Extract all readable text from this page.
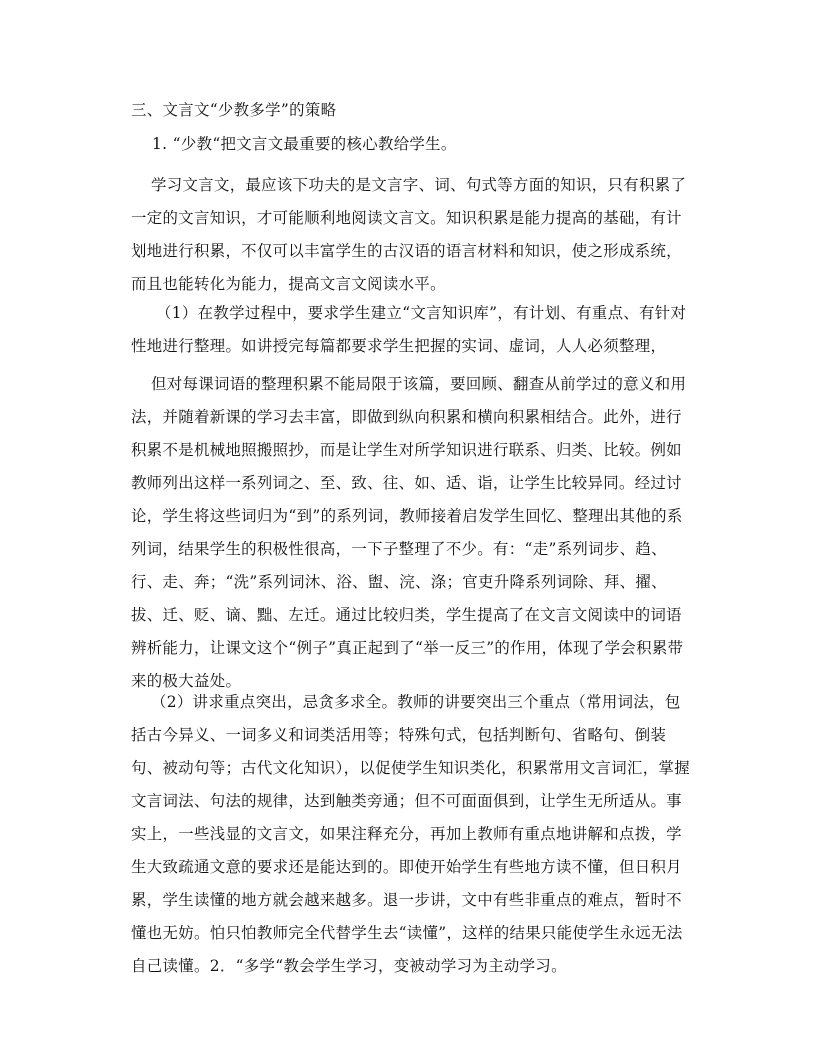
三、文言文“少教多学”的策略

1. “少教“把文言文最重要的核心教给学生。

学习文言文，最应该下功夫的是文言字、词、句式等方面的知识，只有积累了一定的文言知识，才可能顺利地阅读文言文。知识积累是能力提高的基础，有计划地进行积累，不仅可以丰富学生的古汉语的语言材料和知识，使之形成系统，而且也能转化为能力，提高文言文阅读水平。

（1）在教学过程中，要求学生建立“文言知识库”，有计划、有重点、有针对性地进行整理。如讲授完每篇都要求学生把握的实词、虚词，人人必须整理，

但对每课词语的整理积累不能局限于该篇，要回顾、翻查从前学过的意义和用法，并随着新课的学习去丰富，即做到纵向积累和横向积累相结合。此外，进行积累不是机械地照搬照抄，而是让学生对所学知识进行联系、归类、比较。例如教师列出这样一系列词之、至、致、往、如、适、诣，让学生比较异同。经过讨论，学生将这些词归为“到”的系列词，教师接着启发学生回忆、整理出其他的系列词，结果学生的积极性很高，一下子整理了不少。有：“走”系列词步、趋、行、走、奔；“洗”系列词沐、浴、盥、浣、涤；官吏升降系列词除、拜、擢、拔、迁、贬、谪、黜、左迁。通过比较归类，学生提高了在文言文阅读中的词语辨析能力，让课文这个“例子”真正起到了“举一反三”的作用，体现了学会积累带来的极大益处。

（2）讲求重点突出，忌贪多求全。教师的讲要突出三个重点（常用词法，包括古今异义、一词多义和词类活用等；特殊句式，包括判断句、省略句、倒装句、被动句等；古代文化知识），以促使学生知识类化，积累常用文言词汇，掌握文言词法、句法的规律，达到触类旁通；但不可面面俱到，让学生无所适从。事实上，一些浅显的文言文，如果注释充分，再加上教师有重点地讲解和点拨，学生大致疏通文意的要求还是能达到的。即使开始学生有些地方读不懂，但日积月累，学生读懂的地方就会越来越多。退一步讲，文中有些非重点的难点，暂时不懂也无妨。怕只怕教师完全代替学生去“读懂”，这样的结果只能使学生永远无法自己读懂。2．“多学“教会学生学习，变被动学习为主动学习。
